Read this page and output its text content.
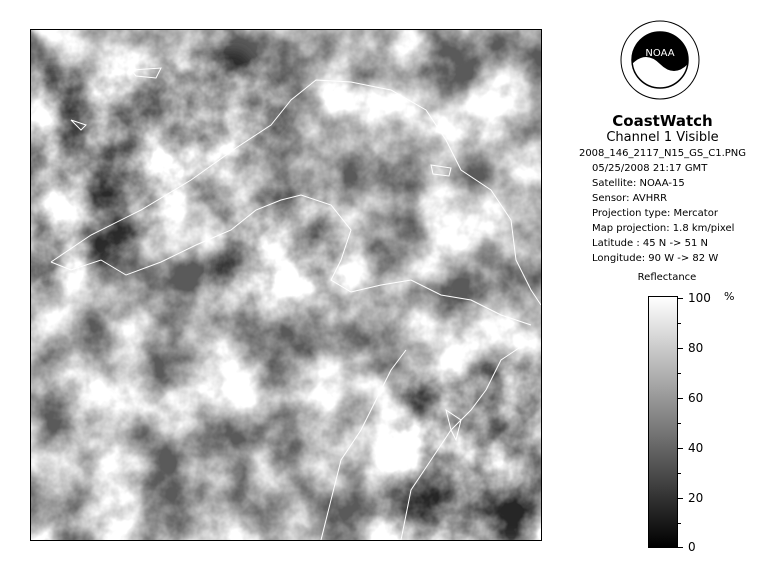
NOAA

CoastWatch

Channel 1 Visible

2008_146_2117_N15_GS_C1.PNG

05/25/2008 21:17 GMT
Satellite: NOAA-15
Sensor: AVHRR
Projection type: Mercator
Map projection: 1.8 km/pixel
Latitude : 45 N -> 51 N
Longitude: 90 W -> 82 W
Reflectance
%
100
80
60
40
20
0
